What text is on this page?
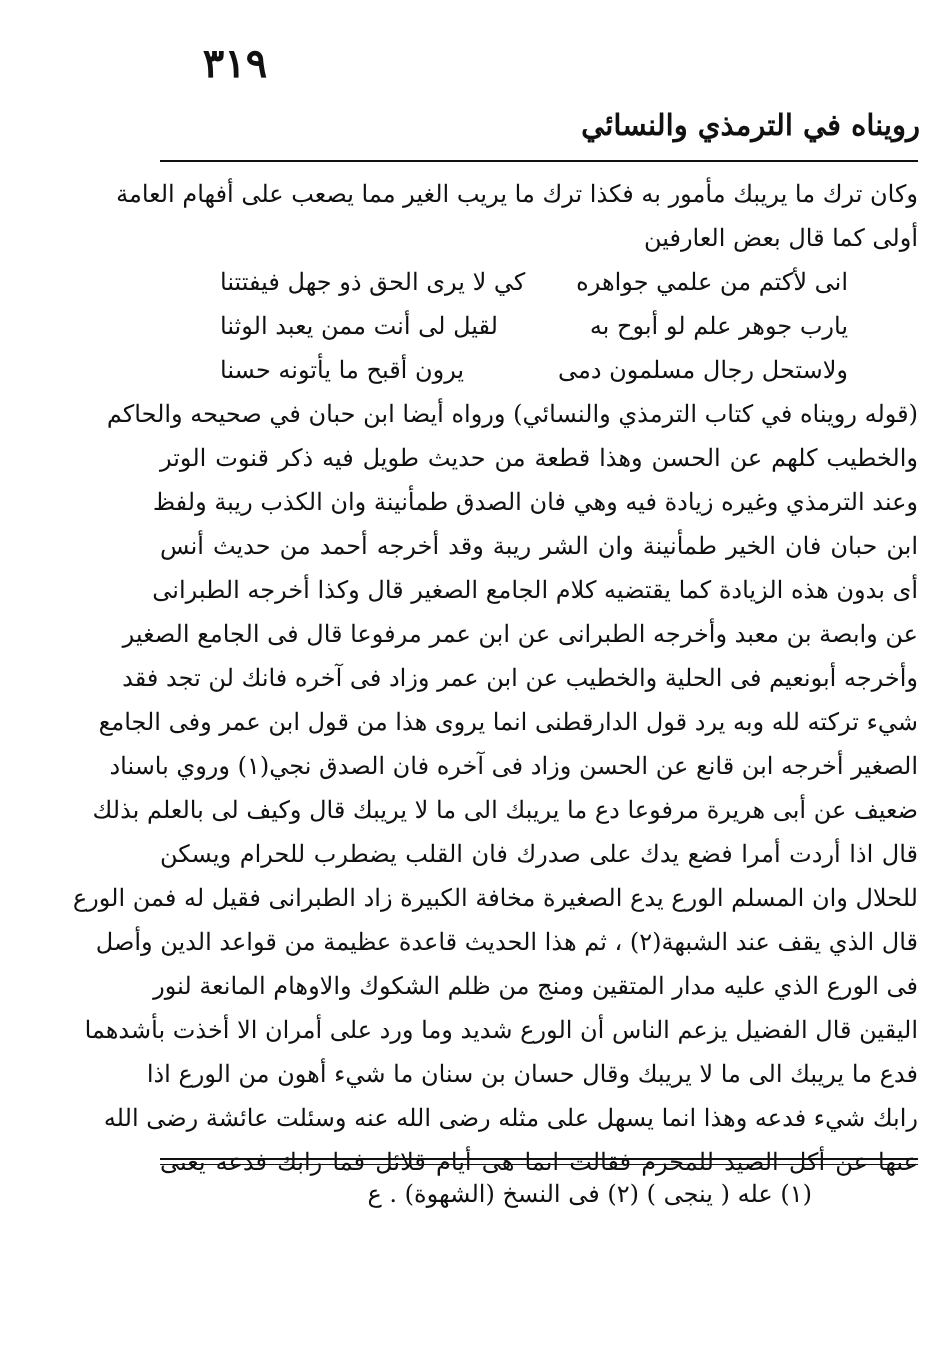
٣١٩
رويناه في الترمذي والنسائي
وكان ترك ما يريبك مأمور به فكذا ترك ما يريب الغير مما يصعب على أفهام العامة
أولى كما قال بعض العارفين
انى لأكتم من علمي جواهره
كي لا يرى الحق ذو جهل فيفتتنا
يارب جوهر علم لو أبوح به
لقيل لى أنت ممن يعبد الوثنا
ولاستحل رجال مسلمون دمى
يرون أقبح ما يأتونه حسنا
(قوله رويناه في كتاب الترمذي والنسائي) ورواه أيضا ابن حبان في صحيحه والحاكم
والخطيب كلهم عن الحسن وهذا قطعة من حديث طويل فيه ذكر قنوت الوتر
وعند الترمذي وغيره زيادة فيه وهي فان الصدق طمأنينة وان الكذب ريبة ولفظ
ابن حبان فان الخير طمأنينة وان الشر ريبة وقد أخرجه أحمد من حديث أنس
أى بدون هذه الزيادة كما يقتضيه كلام الجامع الصغير قال وكذا أخرجه الطبرانى
عن وابصة بن معبد وأخرجه الطبرانى عن ابن عمر مرفوعا قال فى الجامع الصغير
وأخرجه أبونعيم فى الحلية والخطيب عن ابن عمر وزاد فى آخره فانك لن تجد فقد
شيء تركته لله وبه يرد قول الدارقطنى انما يروى هذا من قول ابن عمر وفى الجامع
الصغير أخرجه ابن قانع عن الحسن وزاد فى آخره فان الصدق نجي(١) وروي باسناد
ضعيف عن أبى هريرة مرفوعا دع ما يريبك الى ما لا يريبك قال وكيف لى بالعلم بذلك
قال اذا أردت أمرا فضع يدك على صدرك فان القلب يضطرب للحرام ويسكن
للحلال وان المسلم الورع يدع الصغيرة مخافة الكبيرة زاد الطبرانى فقيل له فمن الورع
قال الذي يقف عند الشبهة(٢) ، ثم هذا الحديث قاعدة عظيمة من قواعد الدين وأصل
فى الورع الذي عليه مدار المتقين ومنج من ظلم الشكوك والاوهام المانعة لنور
اليقين قال الفضيل يزعم الناس أن الورع شديد وما ورد على أمران الا أخذت بأشدهما
فدع ما يريبك الى ما لا يريبك وقال حسان بن سنان ما شيء أهون من الورع اذا
رابك شيء فدعه وهذا انما يسهل على مثله رضى الله عنه وسئلت عائشة رضى الله
عنها عن أكل الصيد للمحرم فقالت انما هى أيام قلائل فما رابك فدعه يعنى
(١) عله ( ينجى ) (٢) فى النسخ (الشهوة) . ع
